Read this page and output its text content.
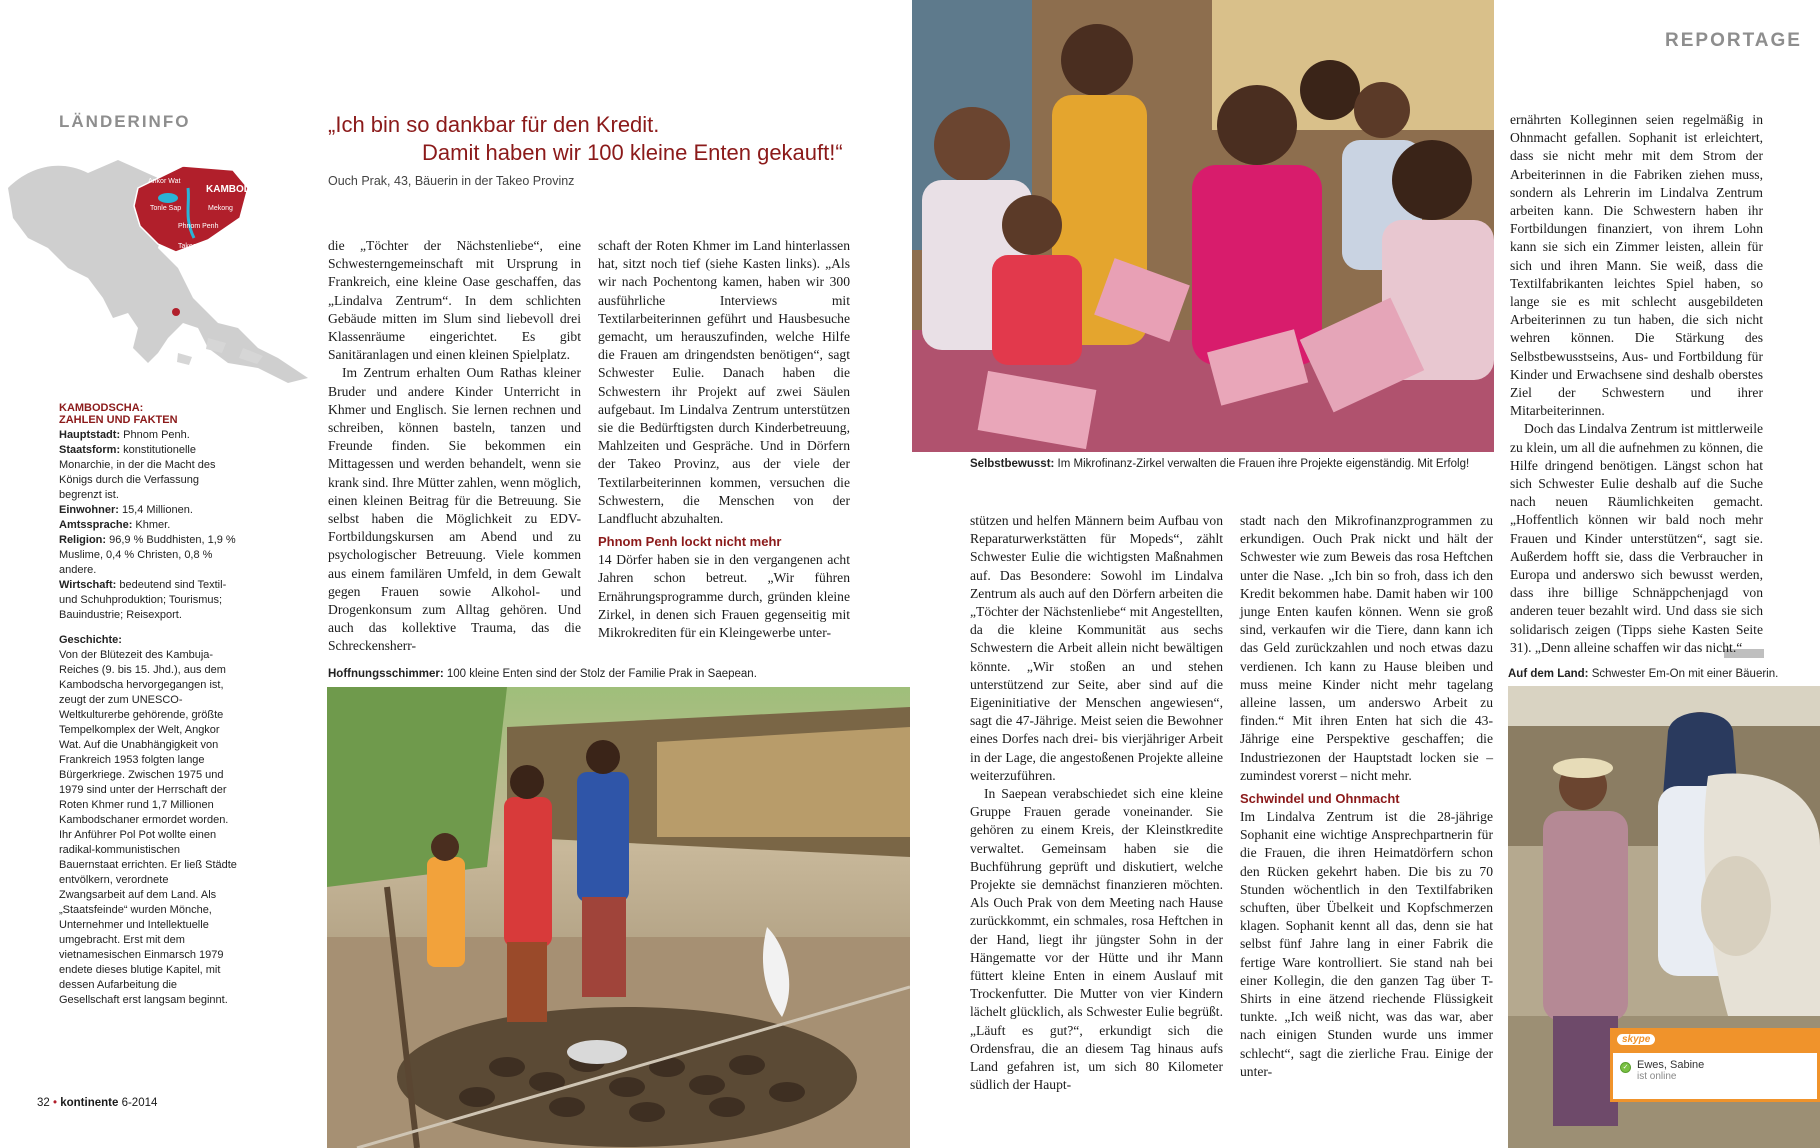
LÄNDERINFO
Ankor Wat
Tonle Sap	Mekong
Phnom Penh
Takeo
KAMBODSCHA
KAMBODSCHA:
ZAHLEN UND FAKTEN

Hauptstadt: Phnom Penh.

Staatsform: konstitutionelle Monarchie, in der die Macht des Königs durch die Verfassung begrenzt ist.

Einwohner: 15,4 Millionen.

Amtssprache: Khmer.

Religion: 96,9 % Buddhisten, 1,9 % Muslime, 0,4 % Christen, 0,8 % andere.

Wirtschaft: bedeutend sind Textil- und Schuhproduktion; Tourismus; Bauindustrie; Reisexport.

Geschichte:

Von der Blütezeit des Kambuja-Reiches (9. bis 15. Jhd.), aus dem Kambodscha hervorgegangen ist, zeugt der zum UNESCO-Weltkulturerbe gehörende, größte Tempelkomplex der Welt, Angkor Wat. Auf die Unabhängigkeit von Frankreich 1953 folgten lange Bürgerkriege. Zwischen 1975 und 1979 sind unter der Herrschaft der Roten Khmer rund 1,7 Millionen Kambodschaner ermordet worden. Ihr Anführer Pol Pot wollte einen radikal-kommunistischen Bauernstaat errichten. Er ließ Städte entvölkern, verordnete Zwangsarbeit auf dem Land. Als „Staatsfeinde“ wurden Mönche, Unternehmer und Intellektuelle umgebracht. Erst mit dem vietnamesischen Einmarsch 1979 endete dieses blutige Kapitel, mit dessen Aufarbeitung die Gesellschaft erst langsam beginnt.

32 • kontinente 6-2014
„Ich bin so dankbar für den Kredit.
Damit haben wir 100 kleine Enten gekauft!“
Ouch Prak, 43, Bäuerin in der Takeo Provinz

die „Töchter der Nächstenliebe“, eine Schwesterngemeinschaft mit Ursprung in Frankreich, eine kleine Oase geschaffen, das „Lindalva Zentrum“. In dem schlichten Gebäude mitten im Slum sind liebevoll drei Klassenräume eingerichtet. Es gibt Sanitäranlagen und einen kleinen Spielplatz.

Im Zentrum erhalten Oum Rathas kleiner Bruder und andere Kinder Unterricht in Khmer und Englisch. Sie lernen rechnen und schreiben, können basteln, tanzen und Freunde finden. Sie bekommen ein Mittagessen und werden behandelt, wenn sie krank sind. Ihre Mütter zahlen, wenn möglich, einen kleinen Beitrag für die Betreuung. Sie selbst haben die Möglichkeit zu EDV-Fortbildungskursen am Abend und zu psychologischer Betreuung. Viele kommen aus einem familären Umfeld, in dem Gewalt gegen Frauen sowie Alkohol- und Drogenkonsum zum Alltag gehören. Und auch das kollektive Trauma, das die Schreckensherr-

schaft der Roten Khmer im Land hinterlassen hat, sitzt noch tief (siehe Kasten links). „Als wir nach Pochentong kamen, haben wir 300 ausführliche Interviews mit Textilarbeiterinnen geführt und Hausbesuche gemacht, um herauszufinden, welche Hilfe die Frauen am dringendsten benötigen“, sagt Schwester Eulie. Danach haben die Schwestern ihr Projekt auf zwei Säulen aufgebaut. Im Lindalva Zentrum unterstützen sie die Bedürftigsten durch Kinderbetreuung, Mahlzeiten und Gespräche. Und in Dörfern der Takeo Provinz, aus der viele der Textilarbeiterinnen kommen, versuchen die Schwestern, die Menschen von der Landflucht abzuhalten.

Phnom Penh lockt nicht mehr

14 Dörfer haben sie in den vergangenen acht Jahren schon betreut. „Wir führen Ernährungsprogramme durch, gründen kleine Zirkel, in denen sich Frauen gegenseitig mit Mikrokrediten für ein Kleingewerbe unter-

Hoffnungsschimmer: 100 kleine Enten sind der Stolz der Familie Prak in Saepean.
REPORTAGE
Selbstbewusst: Im Mikrofinanz-Zirkel verwalten die Frauen ihre Projekte eigenständig. Mit Erfolg!

stützen und helfen Männern beim Aufbau von Reparaturwerkstätten für Mopeds“, zählt Schwester Eulie die wichtigsten Maßnahmen auf. Das Besondere: Sowohl im Lindalva Zentrum als auch auf den Dörfern arbeiten die „Töchter der Nächstenliebe“ mit Angestellten, da die kleine Kommunität aus sechs Schwestern die Arbeit allein nicht bewältigen könnte. „Wir stoßen an und stehen unterstützend zur Seite, aber sind auf die Eigeninitiative der Menschen angewiesen“, sagt die 47-Jährige. Meist seien die Bewohner eines Dorfes nach drei- bis vierjähriger Arbeit in der Lage, die angestoßenen Projekte alleine weiterzuführen.

In Saepean verabschiedet sich eine kleine Gruppe Frauen gerade voneinander. Sie gehören zu einem Kreis, der Kleinstkredite verwaltet. Gemeinsam haben sie die Buchführung geprüft und diskutiert, welche Projekte sie demnächst finanzieren möchten. Als Ouch Prak von dem Meeting nach Hause zurückkommt, ein schmales, rosa Heftchen in der Hand, liegt ihr jüngster Sohn in der Hängematte vor der Hütte und ihr Mann füttert kleine Enten in einem Auslauf mit Trockenfutter. Die Mutter von vier Kindern lächelt glücklich, als Schwester Eulie begrüßt. „Läuft es gut?“, erkundigt sich die Ordensfrau, die an diesem Tag hinaus aufs Land gefahren ist, um sich 80 Kilometer südlich der Haupt-

stadt nach den Mikrofinanzprogrammen zu erkundigen. Ouch Prak nickt und hält der Schwester wie zum Beweis das rosa Heftchen unter die Nase. „Ich bin so froh, dass ich den Kredit bekommen habe. Damit haben wir 100 junge Enten kaufen können. Wenn sie groß sind, verkaufen wir die Tiere, dann kann ich das Geld zurückzahlen und noch etwas dazu verdienen. Ich kann zu Hause bleiben und muss meine Kinder nicht mehr tagelang alleine lassen, um anderswo Arbeit zu finden.“ Mit ihren Enten hat sich die 43-Jährige eine Perspektive geschaffen; die Industriezonen der Hauptstadt locken sie – zumindest vorerst – nicht mehr.

Schwindel und Ohnmacht

Im Lindalva Zentrum ist die 28-jährige Sophanit eine wichtige Ansprechpartnerin für die Frauen, die ihren Heimatdörfern schon den Rücken gekehrt haben. Die bis zu 70 Stunden wöchentlich in den Textilfabriken schuften, über Übelkeit und Kopfschmerzen klagen. Sophanit kennt all das, denn sie hat selbst fünf Jahre lang in einer Fabrik die fertige Ware kontrolliert. Sie stand nah bei einer Kollegin, die den ganzen Tag über T-Shirts in eine ätzend riechende Flüssigkeit tunkte. „Ich weiß nicht, was das war, aber nach einigen Stunden wurde uns immer schlecht“, sagt die zierliche Frau. Einige der unter-

ernährten Kolleginnen seien regelmäßig in Ohnmacht gefallen. Sophanit ist erleichtert, dass sie nicht mehr mit dem Strom der Arbeiterinnen in die Fabriken ziehen muss, sondern als Lehrerin im Lindalva Zentrum arbeiten kann. Die Schwestern haben ihr Fortbildungen finanziert, von ihrem Lohn kann sie sich ein Zimmer leisten, allein für sich und ihren Mann. Sie weiß, dass die Textilfabrikanten leichtes Spiel haben, so lange sie es mit schlecht ausgebildeten Arbeiterinnen zu tun haben, die sich nicht wehren können. Die Stärkung des Selbstbewusstseins, Aus- und Fortbildung für Kinder und Erwachsene sind deshalb oberstes Ziel der Schwestern und ihrer Mitarbeiterinnen.

Doch das Lindalva Zentrum ist mittlerweile zu klein, um all die aufnehmen zu können, die Hilfe dringend benötigen. Längst schon hat sich Schwester Eulie deshalb auf die Suche nach neuen Räumlichkeiten gemacht. „Hoffentlich können wir bald noch mehr Frauen und Kinder unterstützen“, sagt sie. Außerdem hofft sie, dass die Verbraucher in Europa und anderswo sich bewusst werden, dass ihre billige Schnäppchenjagd von anderen teuer bezahlt wird. Und dass sie sich solidarisch zeigen (Tipps siehe Kasten Seite 31). „Denn alleine schaffen wir das nicht.“

Auf dem Land: Schwester Em-On mit einer Bäuerin.
skype
✓ Ewes, Sabine
ist online
